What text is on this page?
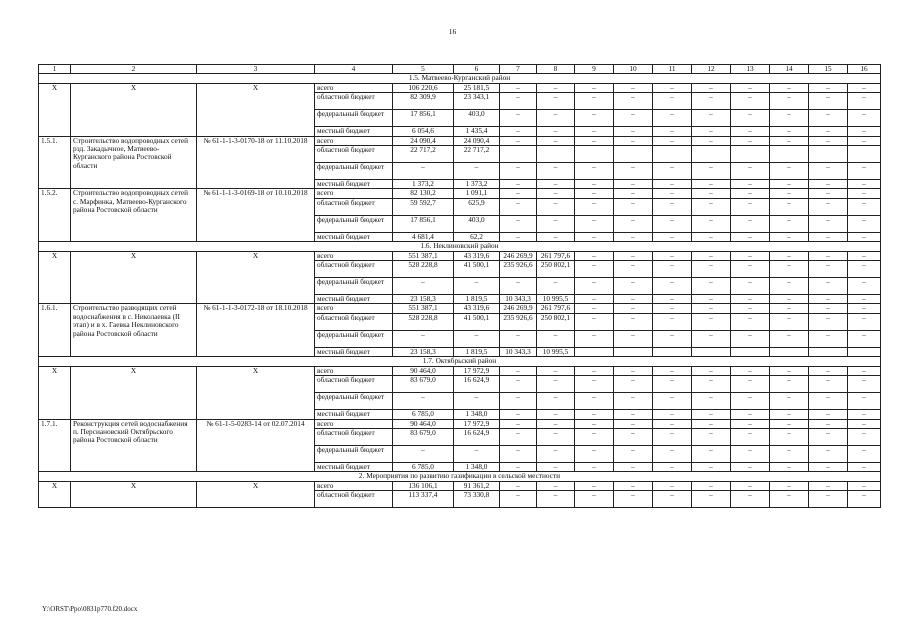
16
1	2	3	4	5	6	7	8	9	10	11	12	13	14	15	16
1.5. Матвеево-Курганский район															
Х	Х	Х	всего	106 220,6	25 181,5	–	–	–	–	–	–	–	–	–	–
			областной бюджет	82 309,9	23 343,1	–	–	–	–	–	–	–	–	–	–
			федеральный бюджет	17 856,1	403,0	–	–	–	–	–	–	–	–	–	–
			местный бюджет	6 054,6	1 435,4	–	–	–	–	–	–	–	–	–	–
1.5.1.	Строительство водопроводных сетей рзд. Закадычное, Матвеево-Курганского района Ростовской области	№ 61-1-1-3-0170-18 от 11.10.2018	всего	24 090,4	24 090,4	–	–	–	–	–	–	–	–	–	–
			областной бюджет	22 717,2	22 717,2										
			федеральный бюджет	–	–	–	–	–	–	–	–	–	–	–	–
			местный бюджет	1 373,2	1 373,2	–	–	–	–	–	–	–	–	–	–
1.5.2.	Строительство водопроводных сетей с. Марфинка, Матвеево-Курганского района Ростовской области	№ 61-1-1-3-0169-18 от 10.10.2018	всего	82 130,2	1 091,1	–	–	–	–	–	–	–	–	–	–
			областной бюджет	59 592,7	625,9	–	–	–	–	–	–	–	–	–	–
			федеральный бюджет	17 856,1	403,0	–	–	–	–	–	–	–	–	–	–
			местный бюджет	4 681,4	62,2	–	–	–	–	–	–	–	–	–	–
1.6. Неклиновский район															
Х	Х	Х	всего	551 387,1	43 319,6	246 269,9	261 797,6	–	–	–	–	–	–	–	–
			областной бюджет	528 228,8	41 500,1	235 926,6	250 802,1	–	–	–	–	–	–	–	–
			федеральный бюджет	–	–	–	–	–	–	–	–	–	–	–	–
			местный бюджет	23 158,3	1 819,5	10 343,3	10 995,5	–	–	–	–	–	–	–	–
1.6.1.	Строительство разводящих сетей водоснабжения в с. Николаевка (II этап) и в х. Гаевка Неклиновского района Ростовской области	№ 61-1-1-3-0172-18 от 18.10.2018	всего	551 387,1	43 319,6	246 269,9	261 797,6	–	–	–	–	–	–	–	–
			областной бюджет	528 228,8	41 500,1	235 926,6	250 802,1	–	–	–	–	–	–	–	–
			федеральный бюджет	–	–	–	–	–	–	–	–	–	–	–	–
			местный бюджет	23 158,3	1 819,5	10 343,3	10 995,5								
1.7. Октябрьский район															
Х	Х	Х	всего	90 464,0	17 972,9	–	–	–	–	–	–	–	–	–	–
			областной бюджет	83 679,0	16 624,9	–	–	–	–	–	–	–	–	–	–
			федеральный бюджет	–	–	–	–	–	–	–	–	–	–	–	–
			местный бюджет	6 785,0	1 348,0	–	–	–	–	–	–	–	–	–	–
1.7.1.	Реконструкция сетей водоснабжения п. Персиановский Октябрьского района Ростовской области	№ 61-1-5-0283-14 от 02.07.2014	всего	90 464,0	17 972,9	–	–	–	–	–	–	–	–	–	–
			областной бюджет	83 679,0	16 624,9	–	–	–	–	–	–	–	–	–	–
			федеральный бюджет	–	–	–	–	–	–	–	–	–	–	–	–
			местный бюджет	6 785,0	1 348,0	–	–	–	–	–	–	–	–	–	–
2. Мероприятия по развитию газификации в сельской местности															
Х	Х	Х	всего	136 106,1	91 361,2	–	–	–	–	–	–	–	–	–	–
			областной бюджет	113 337,4	73 330,8	–	–	–	–	–	–	–	–	–	–
Y:\ORST\Ppo\0831p770.f20.docx
